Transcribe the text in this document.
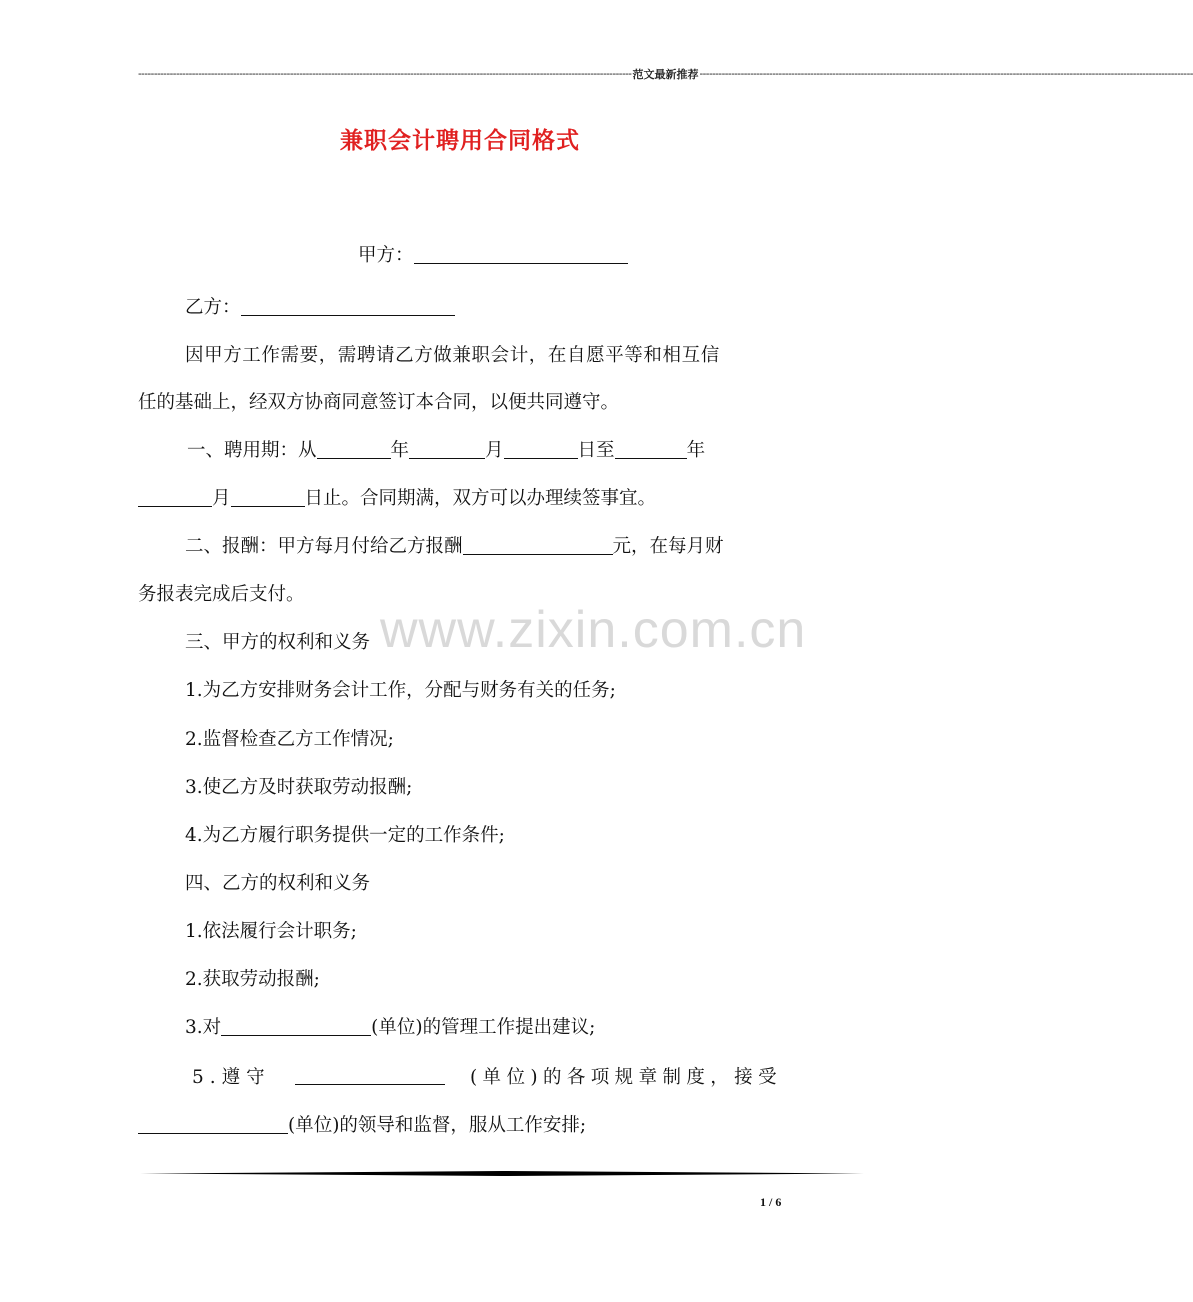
------------------------------------------------------------------------------------------------------------------------------------------------------------ 范文最新推荐 ------------------------------------------------------------------------------------------------------------------------------------------------------------
兼职会计聘用合同格式
甲方：
乙方：
因甲方工作需要，需聘请乙方做兼职会计，在自愿平等和相互信
任的基础上，经双方协商同意签订本合同，以便共同遵守。
一、聘用期：从	年	月	日至	年
月	日止。合同期满，双方可以办理续签事宜。
二、报酬：甲方每月付给乙方报酬	元，在每月财
务报表完成后支付。
www.zixin.com.cn
三、甲方的权利和义务
1.为乙方安排财务会计工作，分配与财务有关的任务;
2.监督检查乙方工作情况;
3.使乙方及时获取劳动报酬;
4.为乙方履行职务提供一定的工作条件;
四、乙方的权利和义务
1.依法履行会计职务;
2.获取劳动报酬;
3.对	(单位)的管理工作提出建议;
5.遵守	(单位)的各项规章制度，接受
(单位)的领导和监督，服从工作安排;
1 / 6
